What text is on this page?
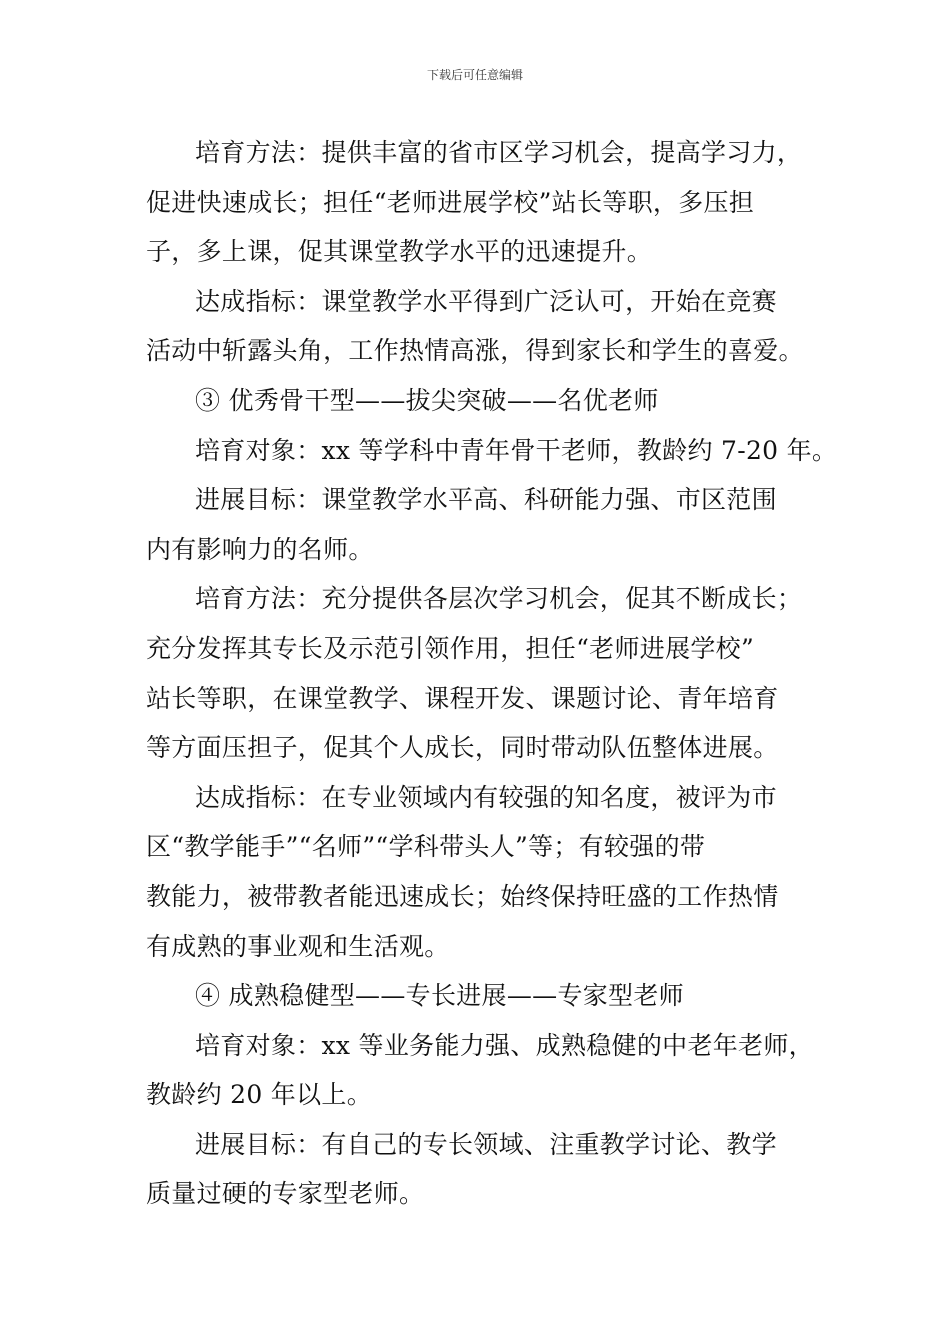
下载后可任意编辑
培育方法：提供丰富的省市区学习机会，提高学习力，
促进快速成长；担任“老师进展学校”站长等职，多压担
子，多上课，促其课堂教学水平的迅速提升。
达成指标：课堂教学水平得到广泛认可，开始在竞赛
活动中斩露头角，工作热情高涨，得到家长和学生的喜爱。
③ 优秀骨干型——拔尖突破——名优老师
培育对象：xx 等学科中青年骨干老师，教龄约 7-20 年。
进展目标：课堂教学水平高、科研能力强、市区范围
内有影响力的名师。
培育方法：充分提供各层次学习机会，促其不断成长；
充分发挥其专长及示范引领作用，担任“老师进展学校”
站长等职，在课堂教学、课程开发、课题讨论、青年培育
等方面压担子，促其个人成长，同时带动队伍整体进展。
达成指标：在专业领域内有较强的知名度，被评为市
区“教学能手”“名师”“学科带头人”等；有较强的带
教能力，被带教者能迅速成长；始终保持旺盛的工作热情
有成熟的事业观和生活观。
④ 成熟稳健型——专长进展——专家型老师
培育对象：xx 等业务能力强、成熟稳健的中老年老师，
教龄约 20 年以上。
进展目标：有自己的专长领域、注重教学讨论、教学
质量过硬的专家型老师。
